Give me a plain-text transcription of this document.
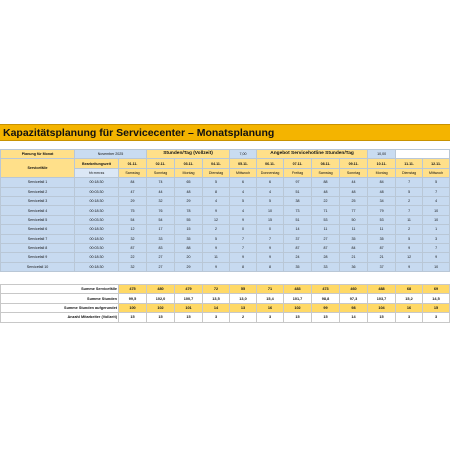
Kapazitätsplanung für Servicecenter – Monatsplanung
Planung für Monat	November 2025		Stunden/Tag (Vollzeit)			7,00	Angebot Servicehotline Stunden/Tag				10,00		
Servicefälle	Bearbeitungszeit	01.11.	02.11.	03.11.	04.11.	05.11.	06.11.	07.11.	08.11.	09.11.	10.11.	11.11.	12.11.
	hh:mm:ss	Samstag	Sonntag	Montag	Dienstag	Mittwoch	Donnerstag	Freitag	Samstag	Sonntag	Montag	Dienstag	Mittwoch
Servicefall 1	00:18:30	84	74	65	5	6	6	97	88	44	84	7	5
Servicefall 2	00:03:30	47	44	48	8	4	4	51	48	48	48	5	7
Servicefall 3	00:18:30	29	32	29	4	5	5	38	22	25	34	2	4
Servicefall 4	00:18:30	75	76	78	9	4	10	73	71	77	79	7	10
Servicefall 5	00:03:30	54	54	55	12	9	15	51	53	50	53	11	10
Servicefall 6	00:18:30	12	17	15	2	0	0	14	11	11	11	2	1
Servicefall 7	00:18:30	32	33	35	5	7	7	37	27	35	35	5	3
Servicefall 8	00:03:30	87	83	88	9	7	9	87	87	84	87	9	7
Servicefall 9	00:18:30	22	27	20	11	9	9	24	28	21	21	12	9
Servicefall 10	00:18:30	32	27	29	9	8	8	35	33	36	37	9	10
Summe Servicefälle	475	480	479	72	55	71	483	473	460	488	68	69
Summe Stunden	99,5	102,0	100,7	13,5	13,0	15,4	101,7	98,8	97,3	103,7	15,2	14,5
Summe Stunden aufgerundet	100	102	101	14	13	16	102	99	98	104	16	15
Anzahl Mitarbeiter (Vollzeit)	15	15	15	3	2	3	15	15	14	15	3	3
